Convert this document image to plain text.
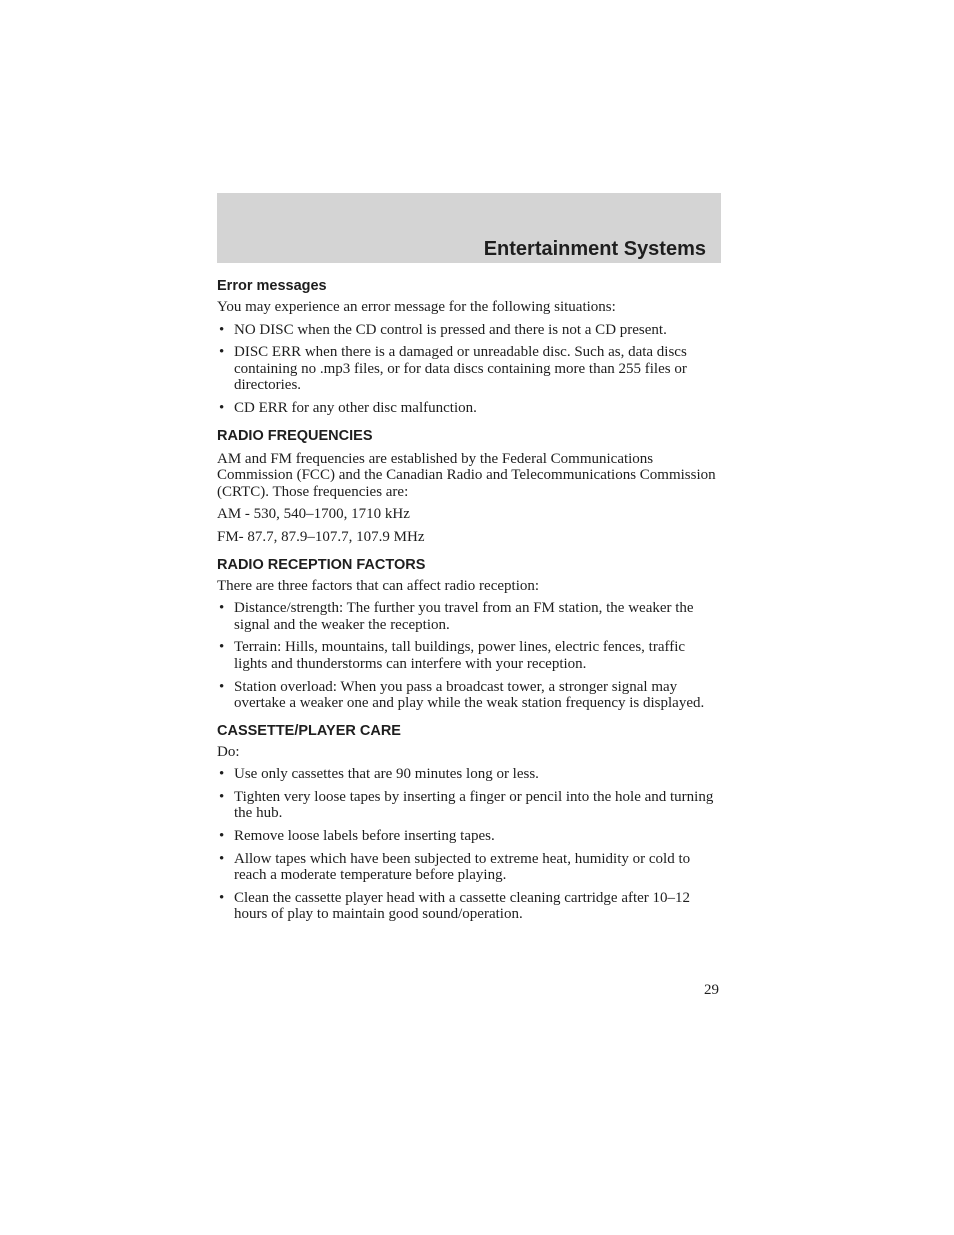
Entertainment Systems
Error messages

You may experience an error message for the following situations:

• NO DISC when the CD control is pressed and there is not a CD present.
• DISC ERR when there is a damaged or unreadable disc. Such as, data discs containing no .mp3 files, or for data discs containing more than 255 files or directories.
• CD ERR for any other disc malfunction.
RADIO FREQUENCIES

AM and FM frequencies are established by the Federal Communications Commission (FCC) and the Canadian Radio and Telecommunications Commission (CRTC). Those frequencies are:

AM - 530, 540–1700, 1710 kHz

FM- 87.7, 87.9–107.7, 107.9 MHz

RADIO RECEPTION FACTORS

There are three factors that can affect radio reception:

• Distance/strength: The further you travel from an FM station, the weaker the signal and the weaker the reception.
• Terrain: Hills, mountains, tall buildings, power lines, electric fences, traffic lights and thunderstorms can interfere with your reception.
• Station overload: When you pass a broadcast tower, a stronger signal may overtake a weaker one and play while the weak station frequency is displayed.
CASSETTE/PLAYER CARE

Do:

• Use only cassettes that are 90 minutes long or less.
• Tighten very loose tapes by inserting a finger or pencil into the hole and turning the hub.
• Remove loose labels before inserting tapes.
• Allow tapes which have been subjected to extreme heat, humidity or cold to reach a moderate temperature before playing.
• Clean the cassette player head with a cassette cleaning cartridge after 10–12 hours of play to maintain good sound/operation.
29
